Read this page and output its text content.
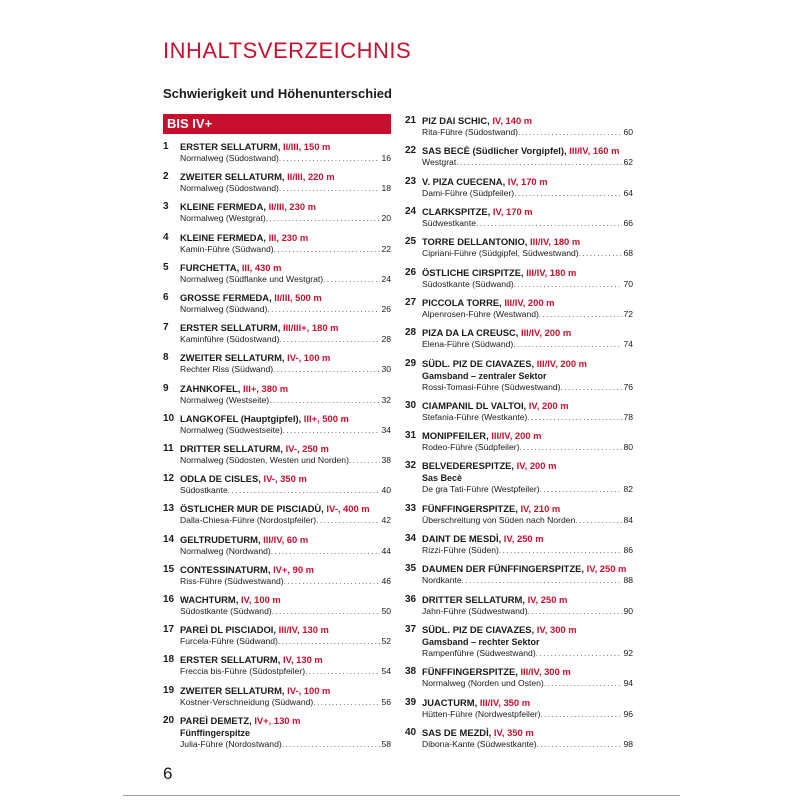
INHALTSVERZEICHNIS
Schwierigkeit und Höhenunterschied
BIS IV+
1	ERSTER SELLATURM, II/III, 150 m
Normalweg (Südostwand) .....	16
2	ZWEITER SELLATURM, II/III, 220 m
Normalweg (Südostwand) .....	18
3	KLEINE FERMEDA, II/III, 230 m
Normalweg (Westgrat) .....	20
4	KLEINE FERMEDA, III, 230 m
Kamin-Führe (Südwand) .....	22
5	FURCHETTA, III, 430 m
Normalweg (Südflanke und Westgrat) .....	24
6	GROSSE FERMEDA, II/III, 500 m
Normalweg (Südwand) .....	26
7	ERSTER SELLATURM, III/III+, 180 m
Kaminführe (Südostwand) .....	28
8	ZWEITER SELLATURM, IV-, 100 m
Rechter Riss (Südwand) .....	30
9	ZAHNKOFEL, III+, 380 m
Normalweg (Westseite) .....	32
10 LANGKOFEL (Hauptgipfel), III+, 500 m
Normalweg (Südwestseite) .....	34
11 DRITTER SELLATURM, IV-, 250 m
Normalweg (Südosten, Westen und Norden) .....	38
12 ODLA DE CISLES, IV-, 350 m
Südostkante .....	40
13 ÖSTLICHER MUR DE PISCIADÙ, IV-, 400 m
Dalla-Chiesa-Führe (Nordostpfeiler) .....	42
14 GELTRUDETURM, III/IV, 60 m
Normalweg (Nordwand) .....	44
15 CONTESSINATURM, IV+, 90 m
Riss-Führe (Südwestwand) .....	46
16 WACHTURM, IV, 100 m
Südostkante (Südwand) .....	50
17 PAREÌ DL PISCIADOI, III/IV, 130 m
Furcela-Führe (Südwand) .....	52
18 ERSTER SELLATURM, IV, 130 m
Freccia bis-Führe (Südostpfeiler) .....	54
19 ZWEITER SELLATURM, IV-, 100 m
Kostner-Verschneidung (Südwand) .....	56
20 PAREÌ DEMETZ, IV+, 130 m
Fünffingerspitze
Julia-Führe (Nordostwand) .....	58
21 PIZ DAI SCHIC, IV, 140 m
Rita-Führe (Südostwand) .....	60
22 SAS BECÈ (Südlicher Vorgipfel), III/IV, 160 m
Westgrat .....	62
23 V. PIZA CUECENA, IV, 170 m
Dami-Führe (Südpfeiler) .....	64
24 CLARKSPITZE, IV, 170 m
Südwestkante .....	66
25 TORRE DELLANTONIO, III/IV, 180 m
Cipriani-Führe (Südgipfel, Südwestwand) .....	68
26 ÖSTLICHE CIRSPITZE, III/IV, 180 m
Südostkante (Südwand) .....	70
27 PICCOLA TORRE, III/IV, 200 m
Alpenrosen-Führe (Westwand) .....	72
28 PIZA DA LA CREUSC, III/IV, 200 m
Elena-Führe (Südwand) .....	74
29 SÜDL. PIZ DE CIAVAZES, III/IV, 200 m
Gamsband – zentraler Sektor
Rossi-Tomasi-Führe (Südwestwand) .....	76
30 CIAMPANIL DL VALTOI, IV, 200 m
Stefania-Führe (Westkante) .....	78
31 MONIPFEILER, III/IV, 200 m
Rodeo-Führe (Südpfeiler) .....	80
32 BELVEDERESPITZE, IV, 200 m
Sas Becè
De gra Tati-Führe (Westpfeiler) .....	82
33 FÜNFFINGERSPITZE, IV, 210 m
Überschreitung von Süden nach Norden .....	84
34 DAINT DE MESDÌ, IV, 250 m
Rizzi-Führe (Süden) .....	86
35 DAUMEN DER FÜNFFINGERSPITZE, IV, 250 m
Nordkante .....	88
36 DRITTER SELLATURM, IV, 250 m
Jahn-Führe (Südwestwand) .....	90
37 SÜDL. PIZ DE CIAVAZES, IV, 300 m
Gamsband – rechter Sektor
Rampenführe (Südwestwand) .....	92
38 FÜNFFINGERSPITZE, III/IV, 300 m
Normalweg (Norden und Osten) .....	94
39 JUACTURM, III/IV, 350 m
Hütten-Führe (Nordwestpfeiler) .....	96
40 SAS DE MEZDÌ, IV, 350 m
Dibona-Kante (Südwestkante) .....	98
6
